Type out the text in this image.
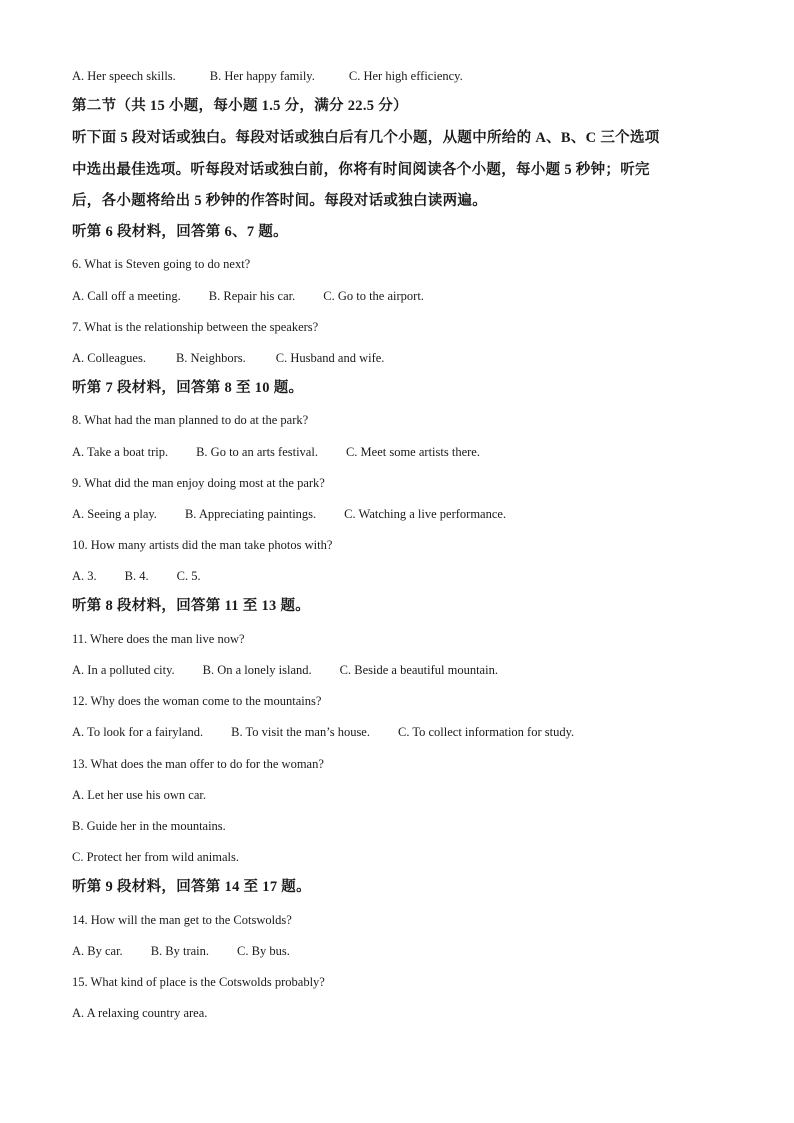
A. Her speech skills.	B. Her happy family.	C. Her high efficiency.
第二节（共 15 小题，每小题 1.5 分，满分 22.5 分）
听下面 5 段对话或独白。每段对话或独白后有几个小题，从题中所给的 A、B、C 三个选项
中选出最佳选项。听每段对话或独白前，你将有时间阅读各个小题，每小题 5 秒钟；听完
后，各小题将给出 5 秒钟的作答时间。每段对话或独白读两遍。
听第 6 段材料，回答第 6、7 题。
6. What is Steven going to do next?
A. Call off a meeting. B. Repair his car. C. Go to the airport.
7. What is the relationship between the speakers?
A. Colleagues. B. Neighbors. C. Husband and wife.
听第 7 段材料，回答第 8 至 10 题。
8. What had the man planned to do at the park?
A. Take a boat trip. B. Go to an arts festival. C. Meet some artists there.
9. What did the man enjoy doing most at the park?
A. Seeing a play. B. Appreciating paintings. C. Watching a live performance.
10. How many artists did the man take photos with?
A. 3. B. 4. C. 5.
听第 8 段材料，回答第 11 至 13 题。
11. Where does the man live now?
A. In a polluted city. B. On a lonely island. C. Beside a beautiful mountain.
12. Why does the woman come to the mountains?
A. To look for a fairyland. B. To visit the man’s house. C. To collect information for study.
13. What does the man offer to do for the woman?
A. Let her use his own car.
B. Guide her in the mountains.
C. Protect her from wild animals.
听第 9 段材料，回答第 14 至 17 题。
14. How will the man get to the Cotswolds?
A. By car. B. By train. C. By bus.
15. What kind of place is the Cotswolds probably?
A. A relaxing country area.
